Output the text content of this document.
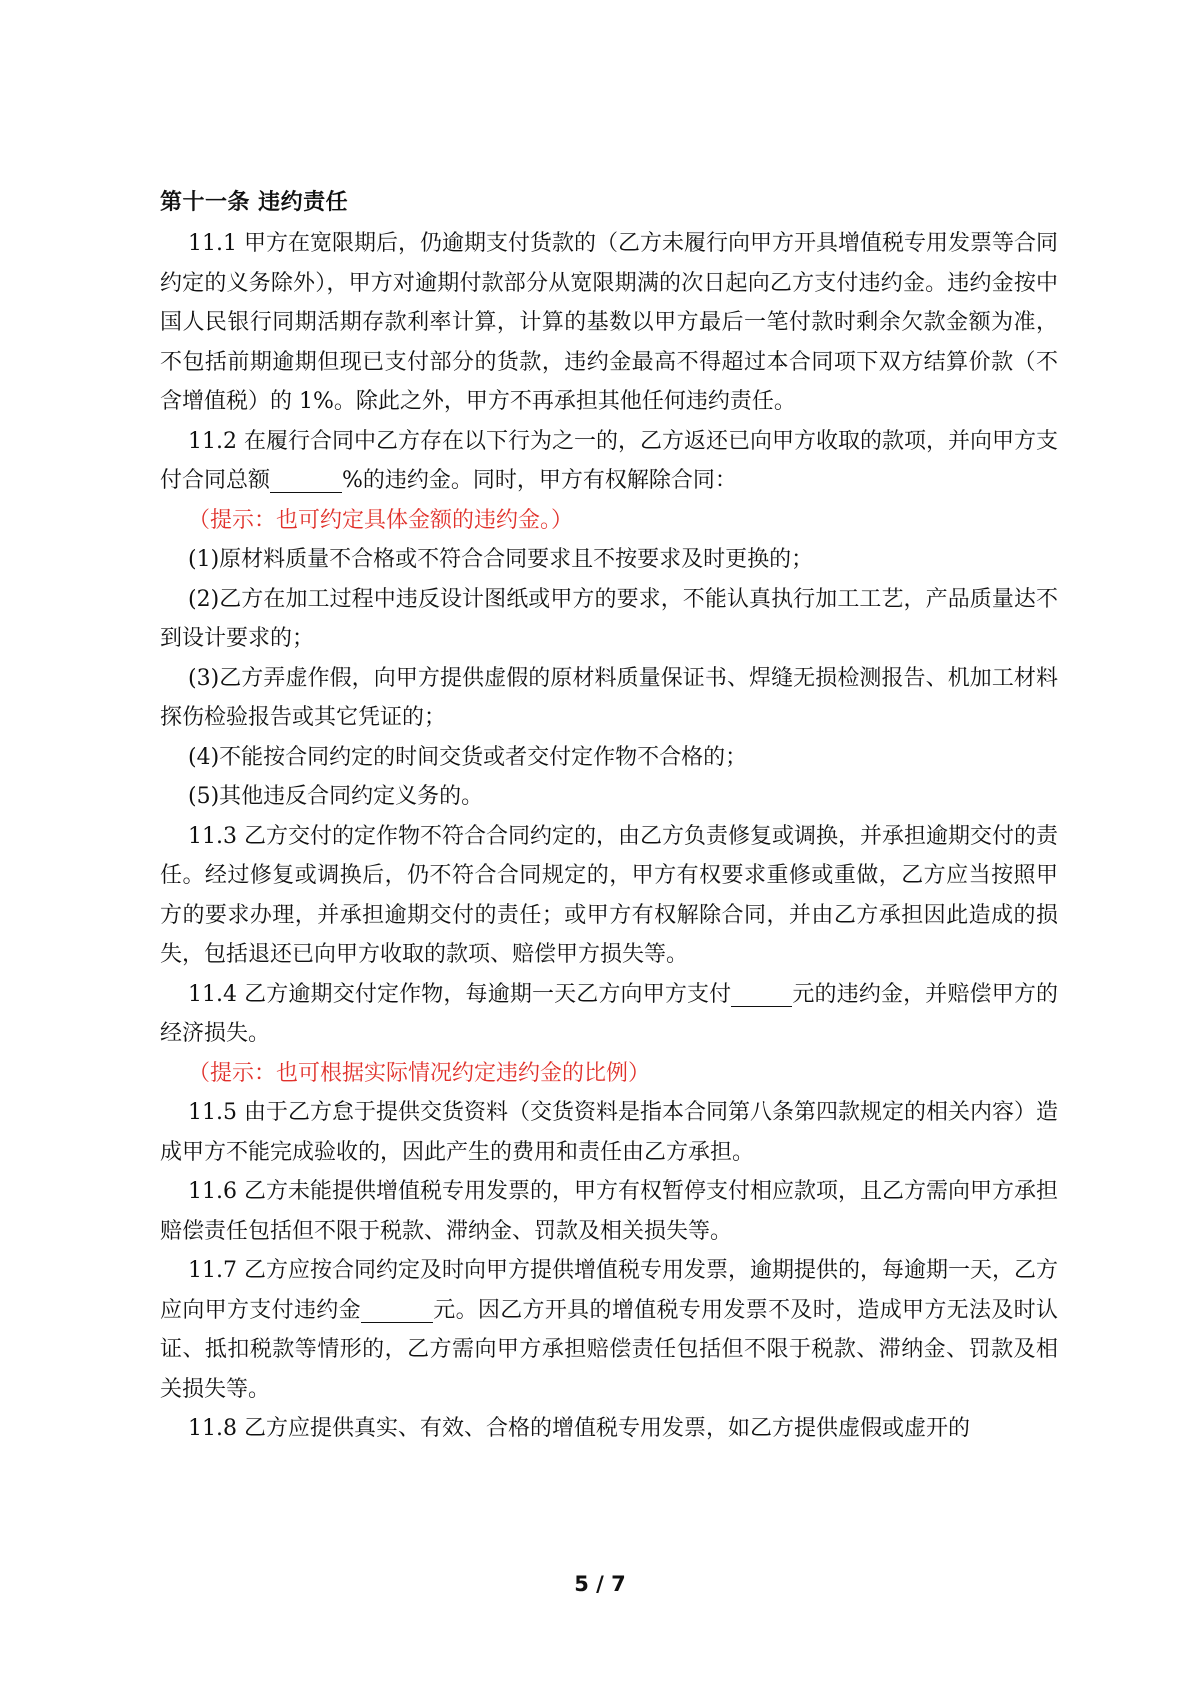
第十一条 违约责任

11.1 甲方在宽限期后，仍逾期支付货款的（乙方未履行向甲方开具增值税专用发票等合同约定的义务除外），甲方对逾期付款部分从宽限期满的次日起向乙方支付违约金。违约金按中国人民银行同期活期存款利率计算，计算的基数以甲方最后一笔付款时剩余欠款金额为准，不包括前期逾期但现已支付部分的货款，违约金最高不得超过本合同项下双方结算价款（不含增值税）的 1%。除此之外，甲方不再承担其他任何违约责任。

11.2 在履行合同中乙方存在以下行为之一的，乙方返还已向甲方收取的款项，并向甲方支付合同总额	%的违约金。同时，甲方有权解除合同：

（提示：也可约定具体金额的违约金。）

(1)原材料质量不合格或不符合合同要求且不按要求及时更换的；

(2)乙方在加工过程中违反设计图纸或甲方的要求，不能认真执行加工工艺，产品质量达不到设计要求的；

(3)乙方弄虚作假，向甲方提供虚假的原材料质量保证书、焊缝无损检测报告、机加工材料探伤检验报告或其它凭证的；

(4)不能按合同约定的时间交货或者交付定作物不合格的；

(5)其他违反合同约定义务的。

11.3 乙方交付的定作物不符合合同约定的，由乙方负责修复或调换，并承担逾期交付的责任。经过修复或调换后，仍不符合合同规定的，甲方有权要求重修或重做，乙方应当按照甲方的要求办理，并承担逾期交付的责任；或甲方有权解除合同，并由乙方承担因此造成的损失，包括退还已向甲方收取的款项、赔偿甲方损失等。

11.4 乙方逾期交付定作物，每逾期一天乙方向甲方支付	元的违约金，并赔偿甲方的经济损失。

（提示：也可根据实际情况约定违约金的比例）

11.5 由于乙方怠于提供交货资料（交货资料是指本合同第八条第四款规定的相关内容）造成甲方不能完成验收的，因此产生的费用和责任由乙方承担。

11.6 乙方未能提供增值税专用发票的，甲方有权暂停支付相应款项，且乙方需向甲方承担赔偿责任包括但不限于税款、滞纳金、罚款及相关损失等。

11.7 乙方应按合同约定及时向甲方提供增值税专用发票，逾期提供的，每逾期一天，乙方应向甲方支付违约金	元。因乙方开具的增值税专用发票不及时，造成甲方无法及时认证、抵扣税款等情形的，乙方需向甲方承担赔偿责任包括但不限于税款、滞纳金、罚款及相关损失等。

11.8 乙方应提供真实、有效、合格的增值税专用发票，如乙方提供虚假或虚开的

5 / 7
